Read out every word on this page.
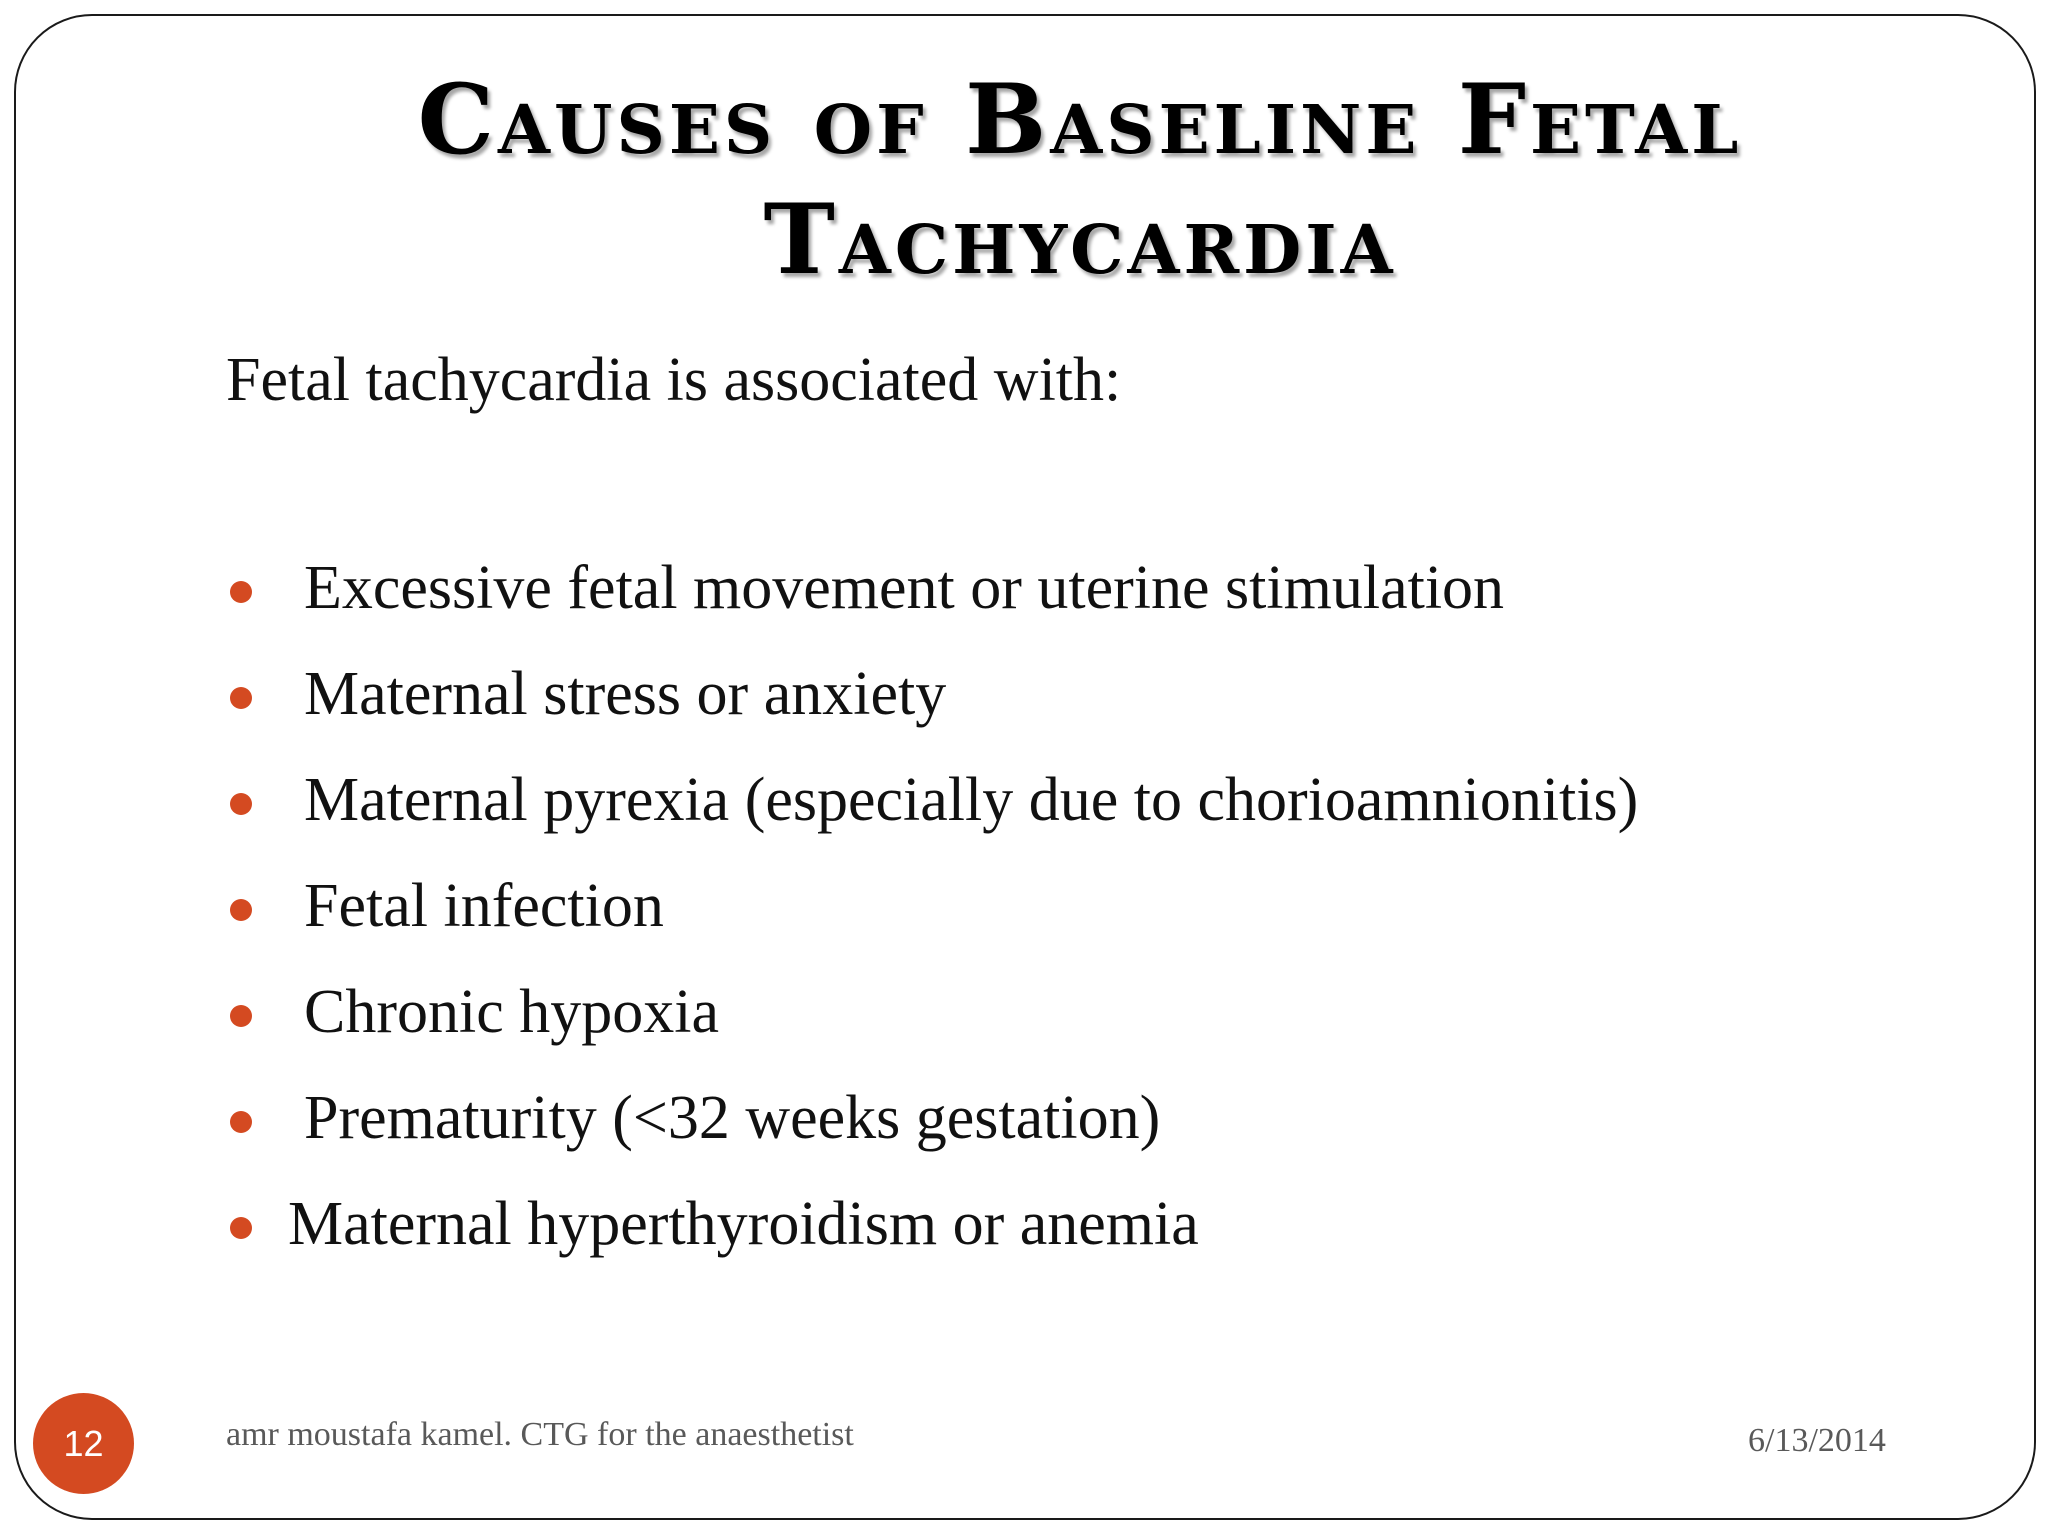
Causes of Baseline Fetal
Tachycardia

Fetal tachycardia is associated with:

Excessive fetal movement or uterine stimulation
Maternal stress or anxiety
Maternal pyrexia (especially due to chorioamnionitis)
Fetal infection
Chronic hypoxia
Prematurity (<32 weeks gestation)
Maternal hyperthyroidism or anemia
12	amr moustafa kamel. CTG for the anaesthetist	6/13/2014
